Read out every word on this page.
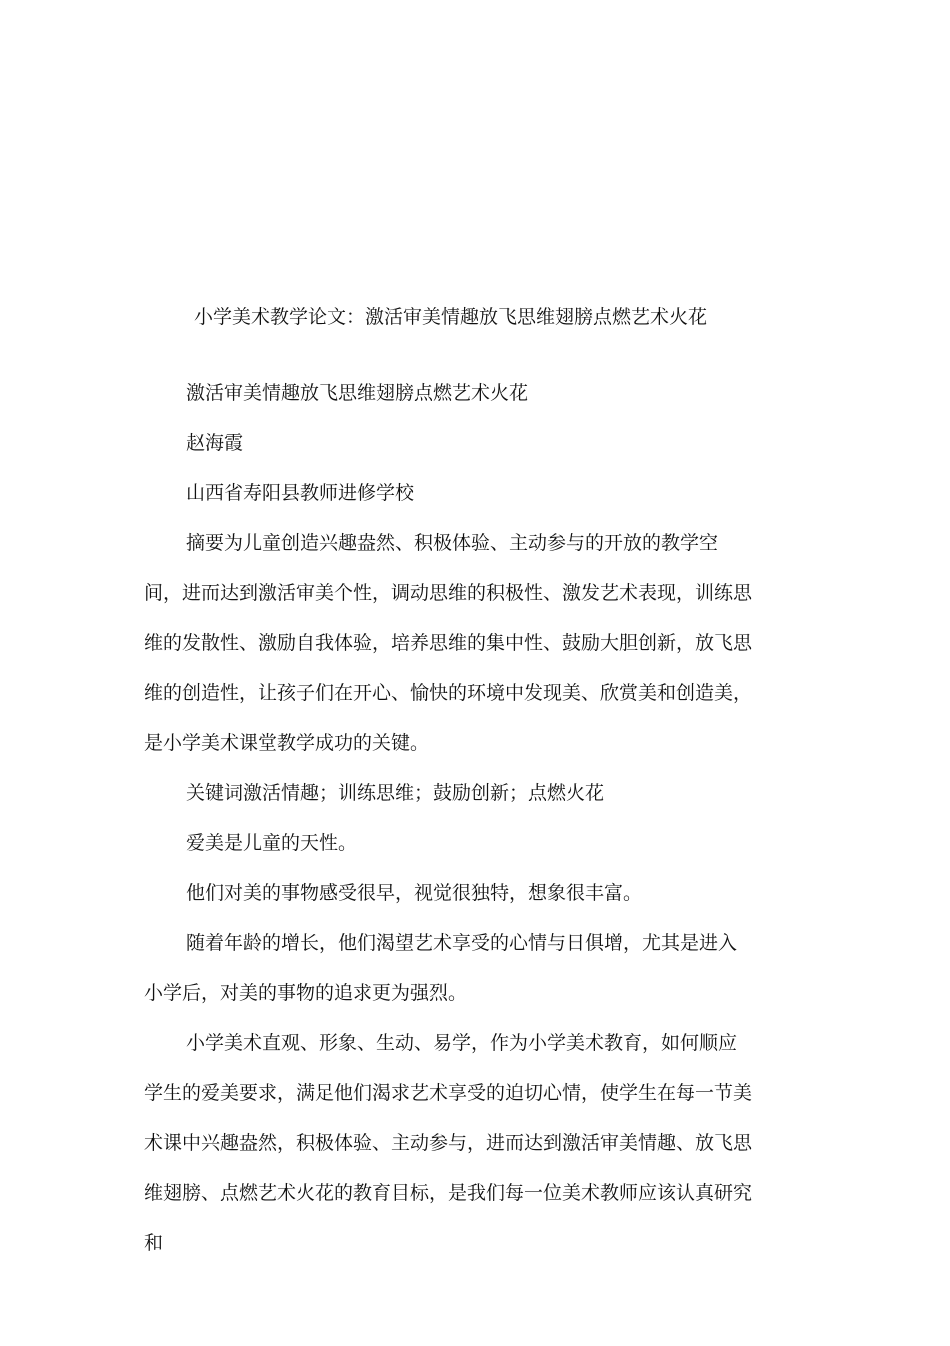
小学美术教学论文：激活审美情趣放飞思维翅膀点燃艺术火花

激活审美情趣放飞思维翅膀点燃艺术火花

赵海霞

山西省寿阳县教师进修学校

摘要为儿童创造兴趣盎然、积极体验、主动参与的开放的教学空间，进而达到激活审美个性，调动思维的积极性、激发艺术表现，训练思维的发散性、激励自我体验，培养思维的集中性、鼓励大胆创新，放飞思维的创造性，让孩子们在开心、愉快的环境中发现美、欣赏美和创造美，是小学美术课堂教学成功的关键。

关键词激活情趣；训练思维；鼓励创新；点燃火花

爱美是儿童的天性。

他们对美的事物感受很早，视觉很独特，想象很丰富。

随着年龄的增长，他们渴望艺术享受的心情与日俱增，尤其是进入小学后，对美的事物的追求更为强烈。

小学美术直观、形象、生动、易学，作为小学美术教育，如何顺应学生的爱美要求，满足他们渴求艺术享受的迫切心情，使学生在每一节美术课中兴趣盎然，积极体验、主动参与，进而达到激活审美情趣、放飞思维翅膀、点燃艺术火花的教育目标，是我们每一位美术教师应该认真研究和
